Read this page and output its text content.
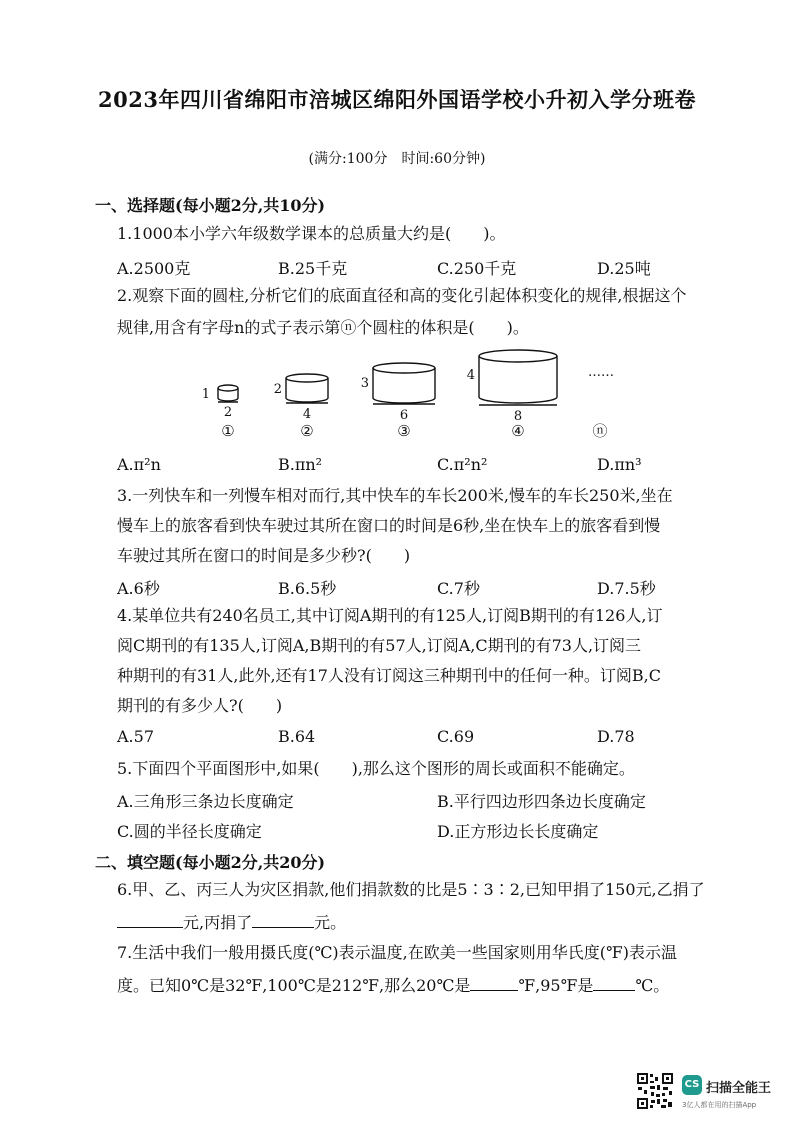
2023年四川省绵阳市涪城区绵阳外国语学校小升初入学分班卷
(满分:100分　时间:60分钟)
一、选择题(每小题2分,共10分)
1.1000本小学六年级数学课本的总质量大约是(　　)。
A.2500克	B.25千克	C.250千克	D.25吨
2.观察下面的圆柱,分析它们的底面直径和高的变化引起体积变化的规律,根据这个
规律,用含有字母n的式子表示第ⓝ个圆柱的体积是(　　)。
1
2
①
2
4
②
3
6
③
4
8
④
……
ⓝ
A.π²n	B.πn²	C.π²n²	D.πn³
3.一列快车和一列慢车相对而行,其中快车的车长200米,慢车的车长250米,坐在
慢车上的旅客看到快车驶过其所在窗口的时间是6秒,坐在快车上的旅客看到慢
车驶过其所在窗口的时间是多少秒?(　　)
A.6秒	B.6.5秒	C.7秒	D.7.5秒
4.某单位共有240名员工,其中订阅A期刊的有125人,订阅B期刊的有126人,订
阅C期刊的有135人,订阅A,B期刊的有57人,订阅A,C期刊的有73人,订阅三
种期刊的有31人,此外,还有17人没有订阅这三种期刊中的任何一种。订阅B,C
期刊的有多少人?(　　)
A.57	B.64	C.69	D.78
5.下面四个平面图形中,如果(　　),那么这个图形的周长或面积不能确定。
A.三角形三条边长度确定	B.平行四边形四条边长度确定
C.圆的半径长度确定	D.正方形边长长度确定
二、填空题(每小题2分,共20分)
6.甲、乙、丙三人为灾区捐款,他们捐款数的比是5∶3∶2,已知甲捐了150元,乙捐了
元,丙捐了	元。
7.生活中我们一般用摄氏度(℃)表示温度,在欧美一些国家则用华氏度(℉)表示温
度。已知0℃是32℉,100℃是212℉,那么20℃是	℉,95℉是	℃。
CS 扫描全能王
3亿人都在用的扫描App
